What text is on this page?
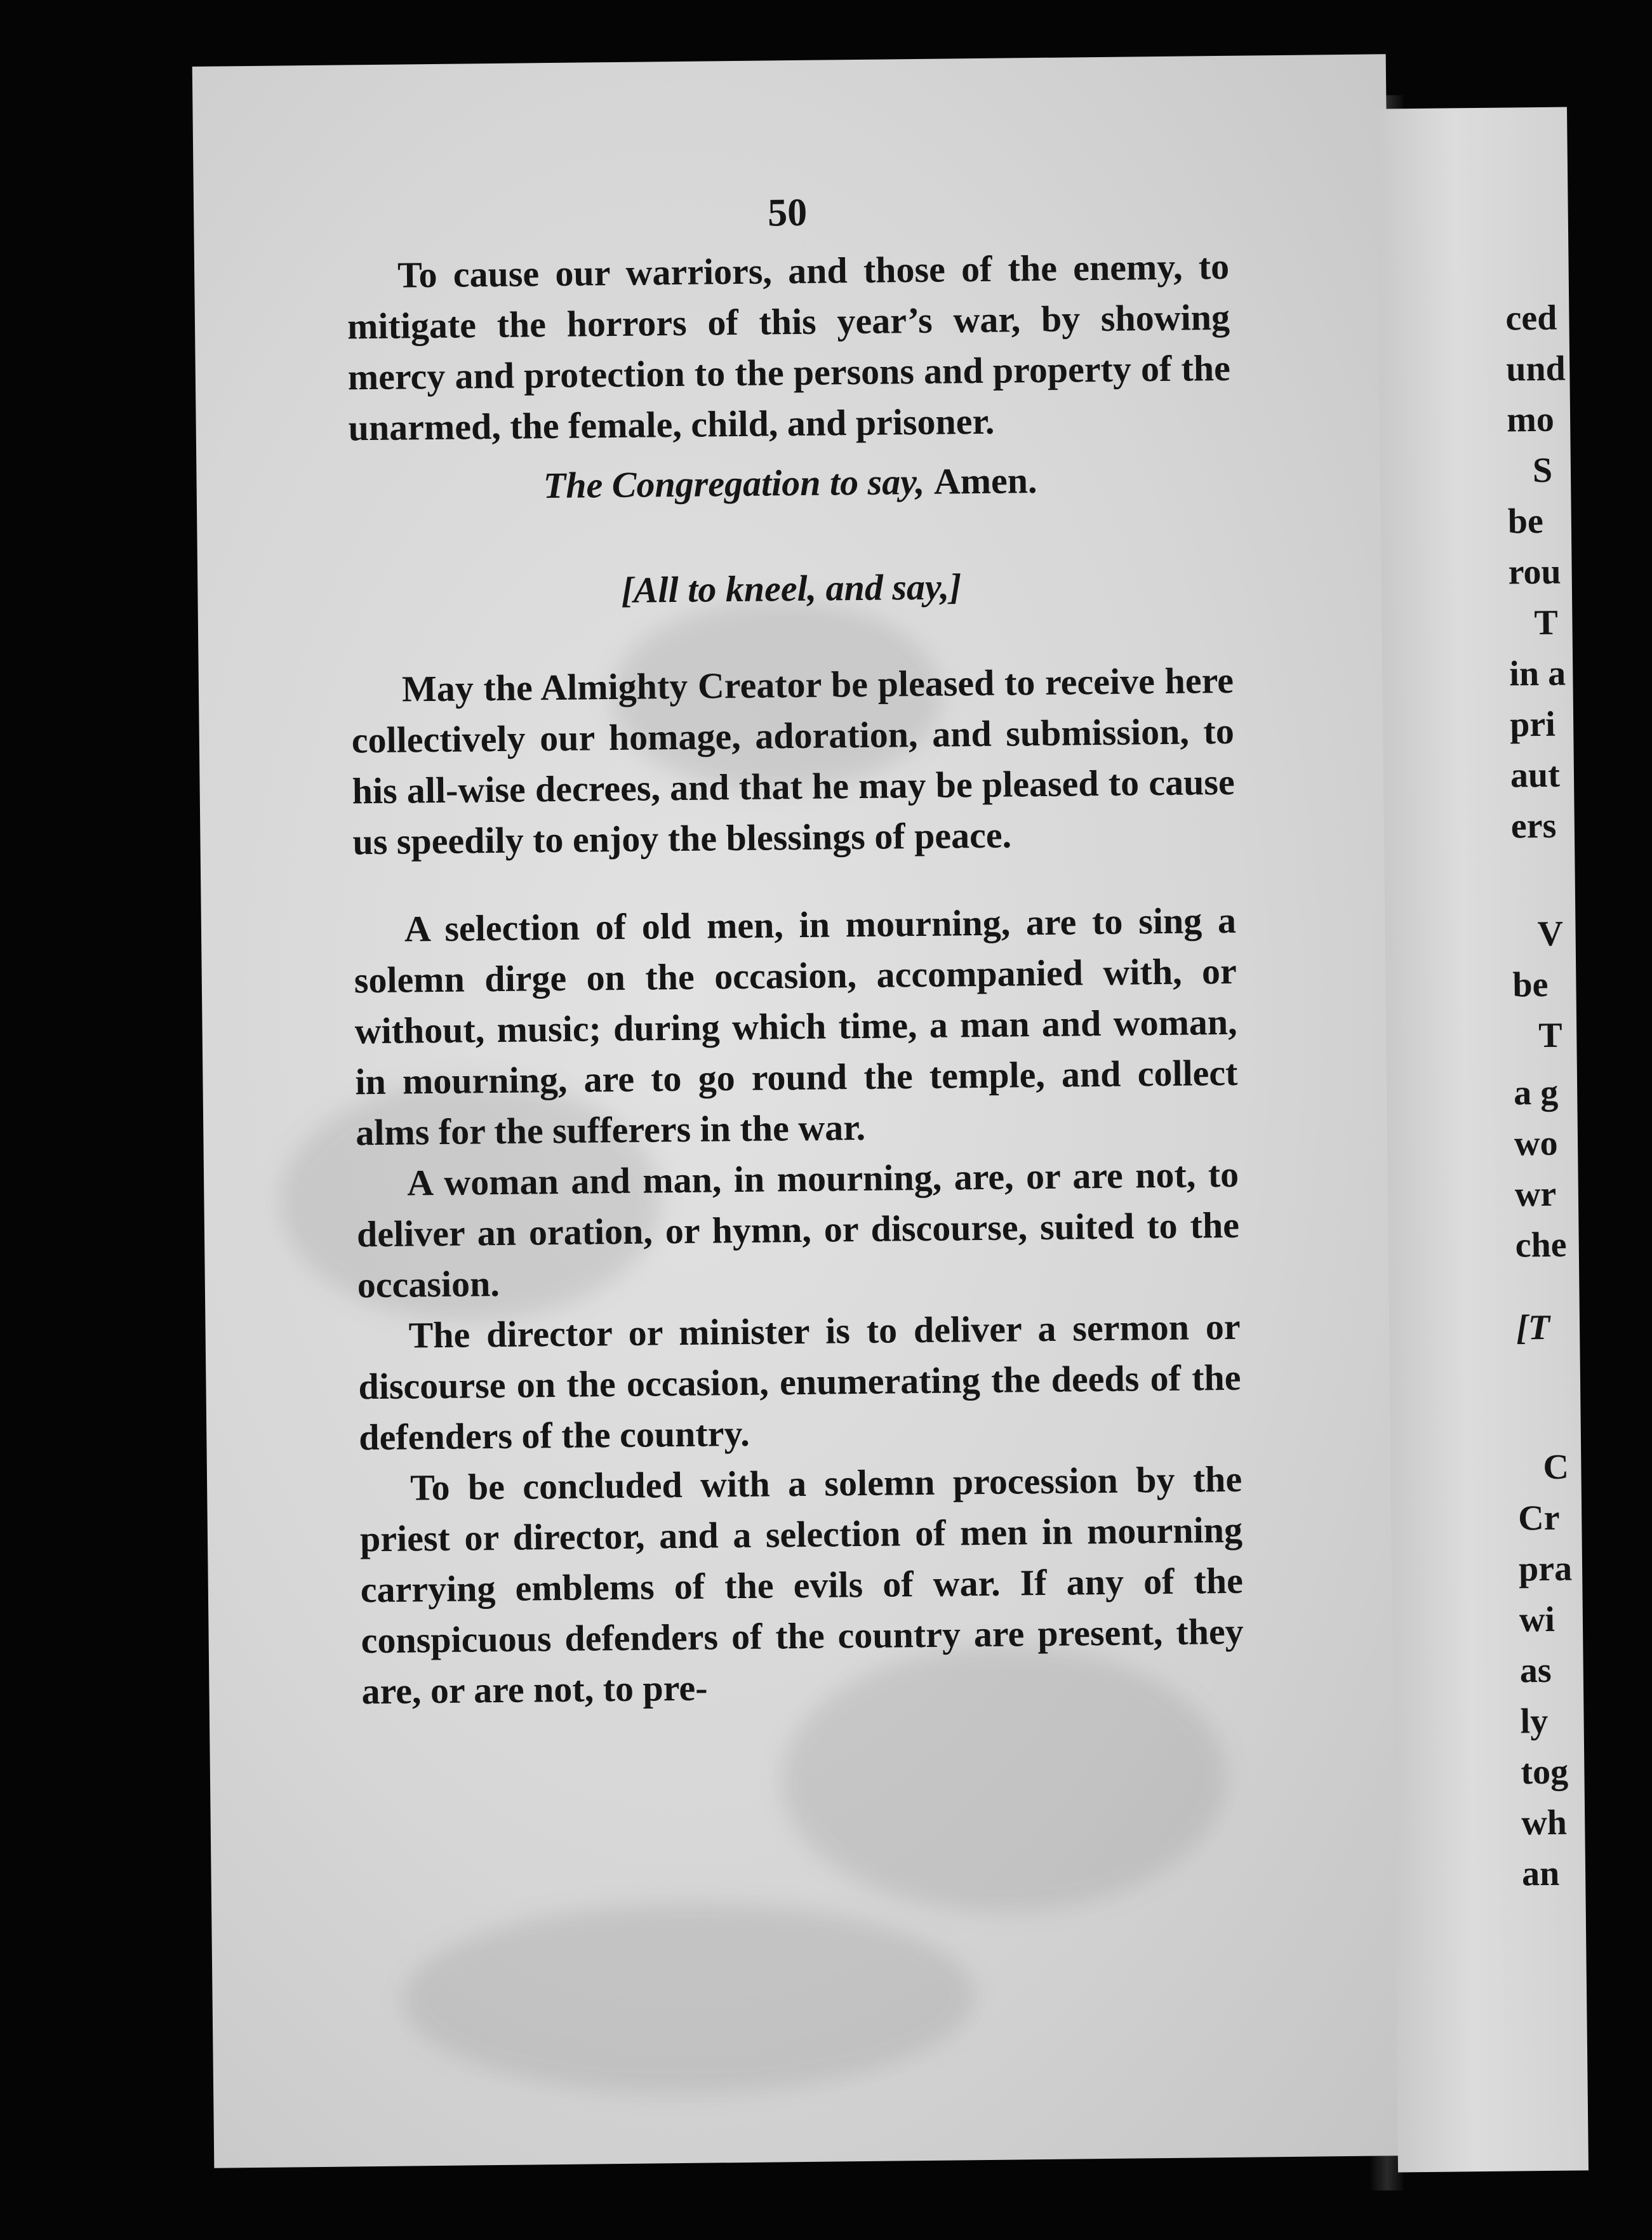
50

To cause our warriors, and those of the enemy, to mitigate the horrors of this year’s war, by showing mercy and protection to the persons and property of the unarmed, the female, child, and prisoner.

The Congregation to say, Amen.
[All to kneel, and say,]

May the Almighty Creator be pleased to receive here collectively our homage, adoration, and submission, to his all-wise decrees, and that he may be pleased to cause us speedily to enjoy the blessings of peace.

A selection of old men, in mourning, are to sing a solemn dirge on the occasion, accompanied with, or without, music; during which time, a man and woman, in mourning, are to go round the temple, and collect alms for the sufferers in the war.

A woman and man, in mourning, are, or are not, to deliver an oration, or hymn, or discourse, suited to the occasion.

The director or minister is to deliver a sermon or discourse on the occasion, enumerating the deeds of the defenders of the country.

To be concluded with a solemn procession by the priest or director, and a selection of men in mourning carrying emblems of the evils of war. If any of the conspicuous defenders of the country are present, they are, or are not, to pre-

ced
und
mo
S
be
rou
T
in a
pri
aut
ers
V
be
T
a g
wo
wr
che
[T
C
Cr
pra
wi
as
ly
tog
wh
an
